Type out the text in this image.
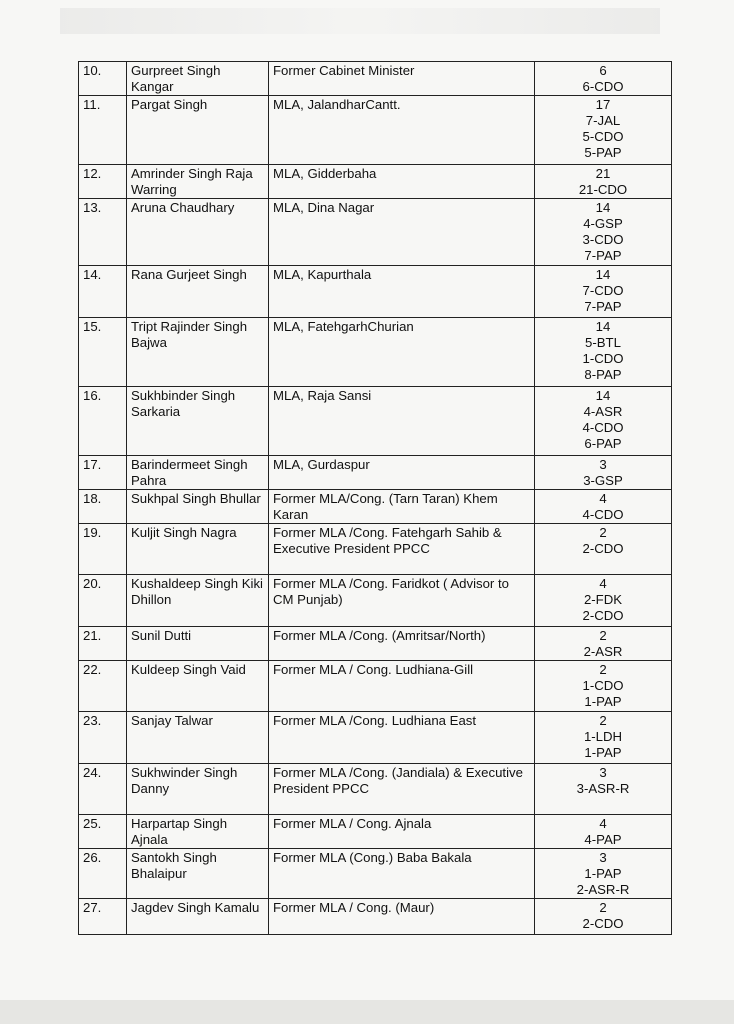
10.	Gurpreet Singh Kangar	Former Cabinet Minister	6
6-CDO

11.	Pargat Singh	MLA, JalandharCantt.	17
7-JAL
5-CDO
5-PAP

12.	Amrinder Singh Raja Warring	MLA, Gidderbaha	21
21-CDO

13.	Aruna Chaudhary	MLA, Dina Nagar	14
4-GSP
3-CDO
7-PAP

14.	Rana Gurjeet Singh	MLA, Kapurthala	14
7-CDO
7-PAP

15.	Tript Rajinder Singh Bajwa	MLA, FatehgarhChurian	14
5-BTL
1-CDO
8-PAP

16.	Sukhbinder Singh Sarkaria	MLA, Raja Sansi	14
4-ASR
4-CDO
6-PAP

17.	Barindermeet Singh Pahra	MLA, Gurdaspur	3
3-GSP

18.	Sukhpal Singh Bhullar	Former MLA/Cong. (Tarn Taran) Khem Karan	4
4-CDO

19.	Kuljit Singh Nagra	Former MLA /Cong. Fatehgarh Sahib & Executive President PPCC	2
2-CDO

20.	Kushaldeep Singh Kiki Dhillon	Former MLA /Cong. Faridkot ( Advisor to CM Punjab)	4
2-FDK
2-CDO

21.	Sunil Dutti	Former MLA /Cong. (Amritsar/North)	2
2-ASR

22.	Kuldeep Singh Vaid	Former MLA / Cong. Ludhiana-Gill	2
1-CDO
1-PAP

23.	Sanjay Talwar	Former MLA /Cong. Ludhiana East	2
1-LDH
1-PAP

24.	Sukhwinder Singh Danny	Former MLA /Cong. (Jandiala) & Executive President PPCC	3
3-ASR-R

25.	Harpartap Singh Ajnala	Former MLA / Cong. Ajnala	4
4-PAP

26.	Santokh Singh Bhalaipur	Former MLA (Cong.) Baba Bakala	3
1-PAP
2-ASR-R

27.	Jagdev Singh Kamalu	Former MLA / Cong. (Maur)	2
2-CDO
